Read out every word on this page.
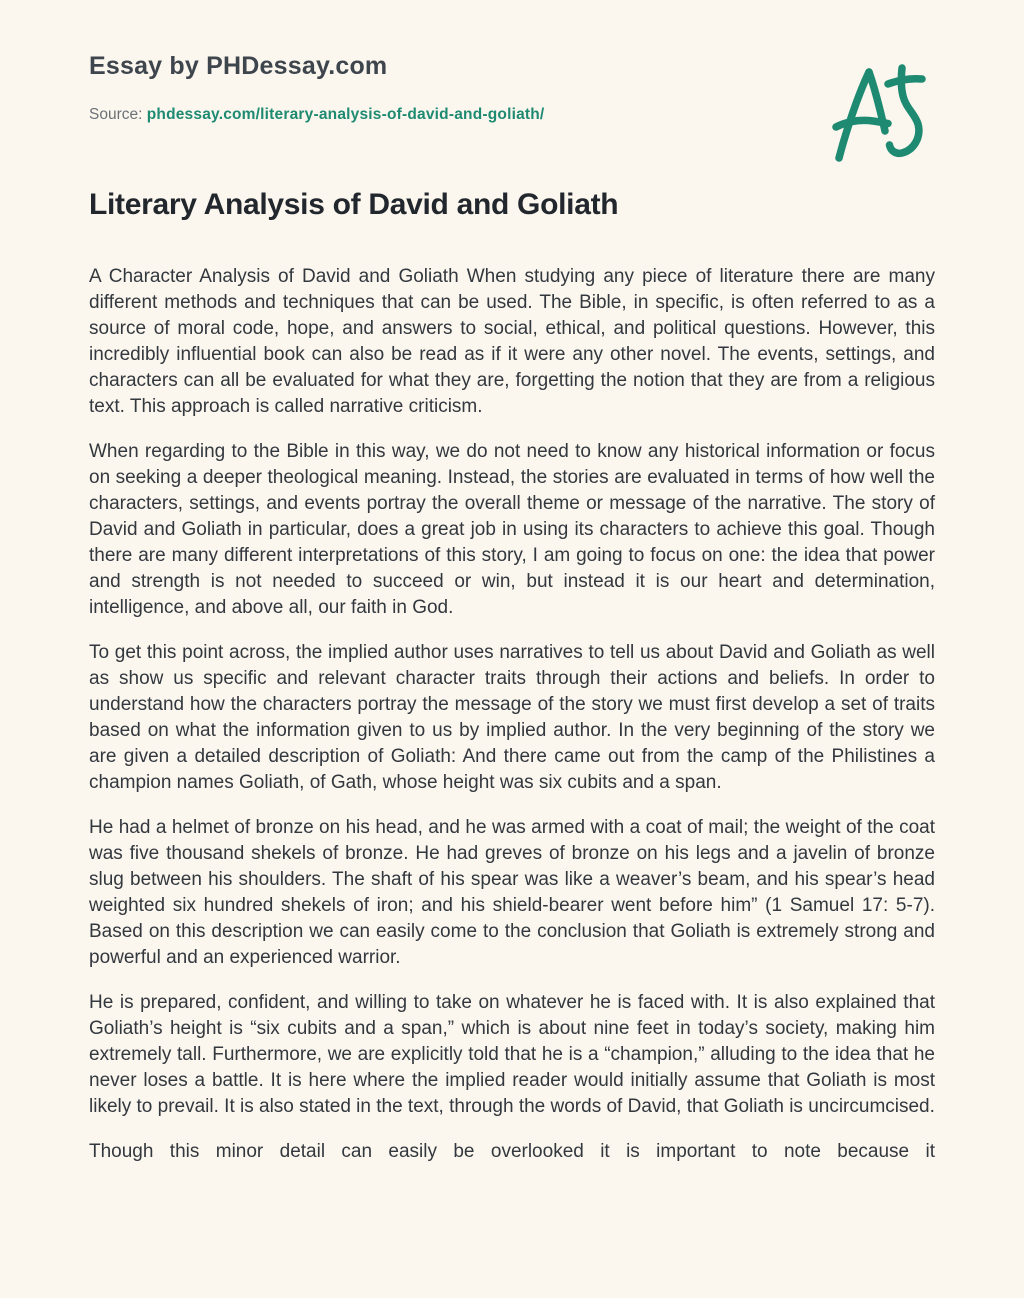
Essay by PHDessay.com
Source: phdessay.com/literary-analysis-of-david-and-goliath/
Literary Analysis of David and Goliath

A Character Analysis of David and Goliath When studying any piece of literature there are many different methods and techniques that can be used. The Bible, in specific, is often referred to as a source of moral code, hope, and answers to social, ethical, and political questions. However, this incredibly influential book can also be read as if it were any other novel. The events, settings, and characters can all be evaluated for what they are, forgetting the notion that they are from a religious text. This approach is called narrative criticism.

When regarding to the Bible in this way, we do not need to know any historical information or focus on seeking a deeper theological meaning. Instead, the stories are evaluated in terms of how well the characters, settings, and events portray the overall theme or message of the narrative. The story of David and Goliath in particular, does a great job in using its characters to achieve this goal. Though there are many different interpretations of this story, I am going to focus on one: the idea that power and strength is not needed to succeed or win, but instead it is our heart and determination, intelligence, and above all, our faith in God.

To get this point across, the implied author uses narratives to tell us about David and Goliath as well as show us specific and relevant character traits through their actions and beliefs. In order to understand how the characters portray the message of the story we must first develop a set of traits based on what the information given to us by implied author. In the very beginning of the story we are given a detailed description of Goliath: And there came out from the camp of the Philistines a champion names Goliath, of Gath, whose height was six cubits and a span.

He had a helmet of bronze on his head, and he was armed with a coat of mail; the weight of the coat was five thousand shekels of bronze. He had greves of bronze on his legs and a javelin of bronze slug between his shoulders. The shaft of his spear was like a weaver’s beam, and his spear’s head weighted six hundred shekels of iron; and his shield-bearer went before him” (1 Samuel 17: 5-7). Based on this description we can easily come to the conclusion that Goliath is extremely strong and powerful and an experienced warrior.

He is prepared, confident, and willing to take on whatever he is faced with. It is also explained that Goliath’s height is “six cubits and a span,” which is about nine feet in today’s society, making him extremely tall. Furthermore, we are explicitly told that he is a “champion,” alluding to the idea that he never loses a battle. It is here where the implied reader would initially assume that Goliath is most likely to prevail. It is also stated in the text, through the words of David, that Goliath is uncircumcised.

Though this minor detail can easily be overlooked it is important to note because it
